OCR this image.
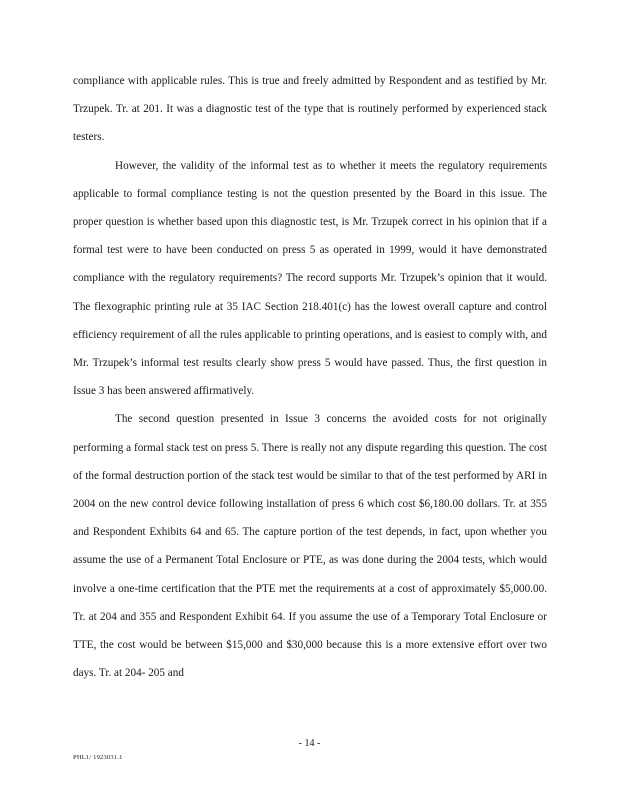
compliance with applicable rules. This is true and freely admitted by Respondent and as testified by Mr. Trzupek. Tr. at 201. It was a diagnostic test of the type that is routinely performed by experienced stack testers.

However, the validity of the informal test as to whether it meets the regulatory requirements applicable to formal compliance testing is not the question presented by the Board in this issue. The proper question is whether based upon this diagnostic test, is Mr. Trzupek correct in his opinion that if a formal test were to have been conducted on press 5 as operated in 1999, would it have demonstrated compliance with the regulatory requirements? The record supports Mr. Trzupek’s opinion that it would. The flexographic printing rule at 35 IAC Section 218.401(c) has the lowest overall capture and control efficiency requirement of all the rules applicable to printing operations, and is easiest to comply with, and Mr. Trzupek’s informal test results clearly show press 5 would have passed. Thus, the first question in Issue 3 has been answered affirmatively.

The second question presented in Issue 3 concerns the avoided costs for not originally performing a formal stack test on press 5. There is really not any dispute regarding this question. The cost of the formal destruction portion of the stack test would be similar to that of the test performed by ARI in 2004 on the new control device following installation of press 6 which cost $6,180.00 dollars. Tr. at 355 and Respondent Exhibits 64 and 65. The capture portion of the test depends, in fact, upon whether you assume the use of a Permanent Total Enclosure or PTE, as was done during the 2004 tests, which would involve a one-time certification that the PTE met the requirements at a cost of approximately $5,000.00. Tr. at 204 and 355 and Respondent Exhibit 64. If you assume the use of a Temporary Total Enclosure or TTE, the cost would be between $15,000 and $30,000 because this is a more extensive effort over two days. Tr. at 204- 205 and

- 14 -
PHL1/ 1923031.1
